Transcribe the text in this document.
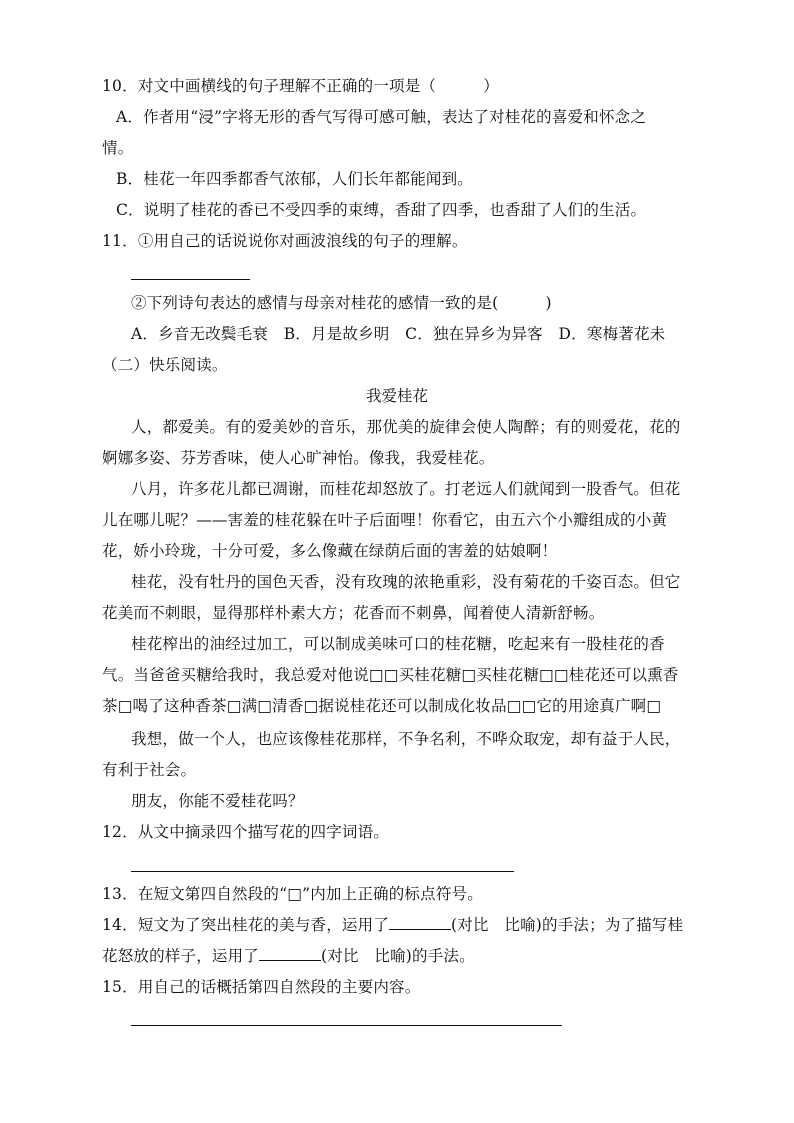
10．对文中画横线的句子理解不正确的一项是（　　　）
A．作者用“浸”字将无形的香气写得可感可触，表达了对桂花的喜爱和怀念之
情。
B．桂花一年四季都香气浓郁，人们长年都能闻到。
C．说明了桂花的香已不受四季的束缚，香甜了四季，也香甜了人们的生活。
11．①用自己的话说说你对画波浪线的句子的理解。
②下列诗句表达的感情与母亲对桂花的感情一致的是(　　　)
A．乡音无改鬓毛衰　B．月是故乡明　C．独在异乡为异客　D．寒梅著花未
（二）快乐阅读。
我爱桂花
人，都爱美。有的爱美妙的音乐，那优美的旋律会使人陶醉；有的则爱花，花的
婀娜多姿、芬芳香味，使人心旷神怡。像我，我爱桂花。
八月，许多花儿都已凋谢，而桂花却怒放了。打老远人们就闻到一股香气。但花
儿在哪儿呢？——害羞的桂花躲在叶子后面哩！你看它，由五六个小瓣组成的小黄
花，娇小玲珑，十分可爱，多么像藏在绿荫后面的害羞的姑娘啊！
桂花，没有牡丹的国色天香，没有玫瑰的浓艳重彩，没有菊花的千姿百态。但它
花美而不刺眼，显得那样朴素大方；花香而不刺鼻，闻着使人清新舒畅。
桂花榨出的油经过加工，可以制成美味可口的桂花糖，吃起来有一股桂花的香
气。当爸爸买糖给我时，我总爱对他说□□买桂花糖□买桂花糖□□桂花还可以熏香
茶□喝了这种香茶□满□清香□据说桂花还可以制成化妆品□□它的用途真广啊□
我想，做一个人，也应该像桂花那样，不争名利，不哗众取宠，却有益于人民，
有利于社会。
朋友，你能不爱桂花吗？
12．从文中摘录四个描写花的四字词语。
13．在短文第四自然段的“□”内加上正确的标点符号。
14．短文为了突出桂花的美与香，运用了	(对比　比喻)的手法；为了描写桂
花怒放的样子，运用了	(对比　比喻)的手法。
15．用自己的话概括第四自然段的主要内容。
